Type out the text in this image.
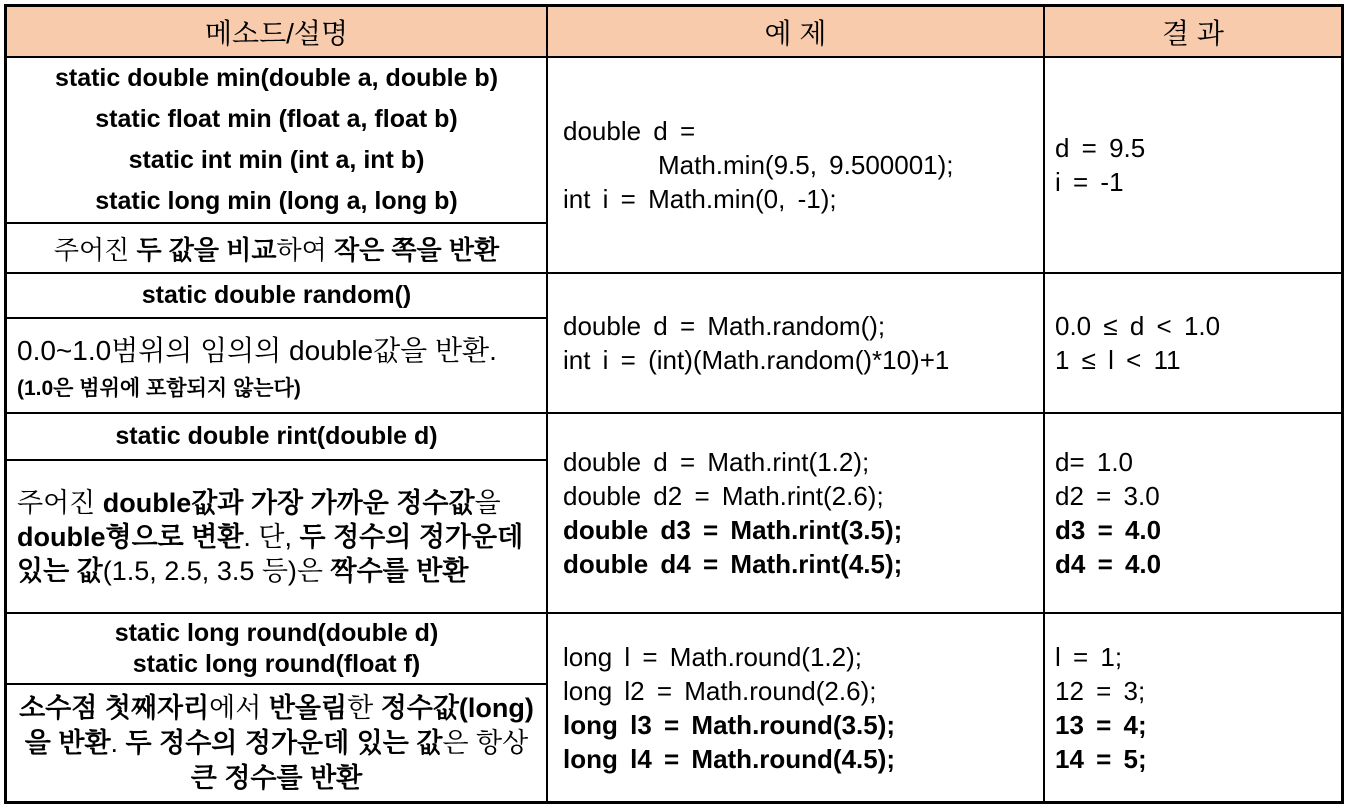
메소드/설명	예 제	결 과
static double min(double a, double b)
static float min (float a, float b)
static int min (int a, int b)
static long min (long a, long b)
주어진 두 값을 비교하여 작은 쪽을 반환
double d =
Math.min(9.5, 9.500001);
int i = Math.min(0, -1);
d = 9.5
i = -1
static double random()
0.0~1.0범위의 임의의 double값을 반환.
(1.0은 범위에 포함되지 않는다)
double d = Math.random();
int i = (int)(Math.random()*10)+1
0.0 ≤ d < 1.0
1 ≤ l < 11
static double rint(double d)
주어진 double값과 가장 가까운 정수값을 double형으로 변환. 단, 두 정수의 정가운데 있는 값(1.5, 2.5, 3.5 등)은 짝수를 반환
double d = Math.rint(1.2);
double d2 = Math.rint(2.6);
double d3 = Math.rint(3.5);
double d4 = Math.rint(4.5);
d= 1.0
d2 = 3.0
d3 = 4.0
d4 = 4.0
static long round(double d)
static long round(float f)
소수점 첫째자리에서 반올림한 정수값(long)을 반환. 두 정수의 정가운데 있는 값은 항상 큰 정수를 반환
long l = Math.round(1.2);
long l2 = Math.round(2.6);
long l3 = Math.round(3.5);
long l4 = Math.round(4.5);
l = 1;
12 = 3;
13 = 4;
14 = 5;
